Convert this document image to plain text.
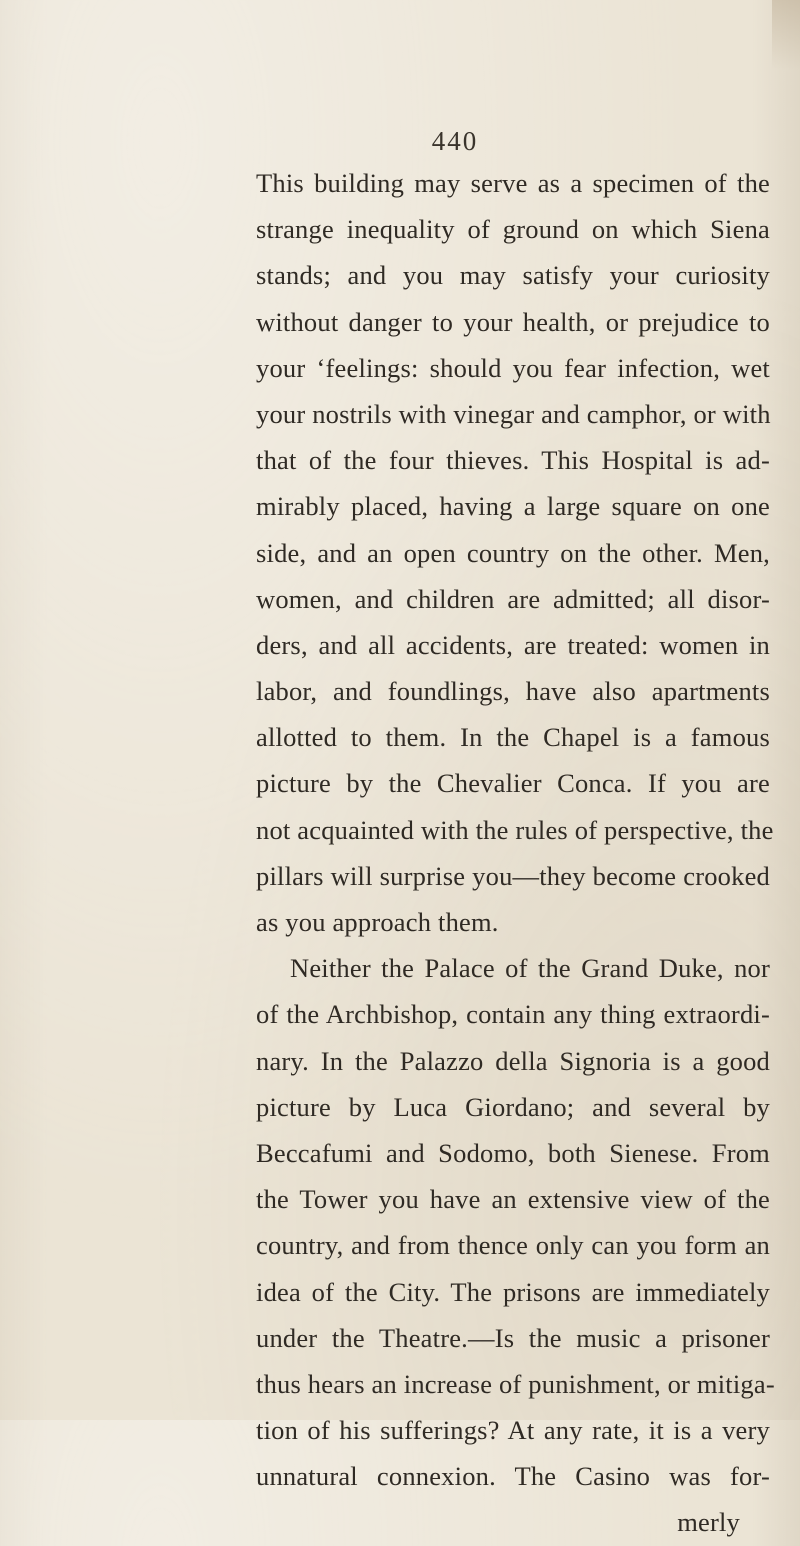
440
This building may serve as a specimen of the
strange inequality of ground on which Siena
stands; and you may satisfy your curiosity
without danger to your health, or prejudice to
your ‘feelings: should you fear infection, wet
your nostrils with vinegar and camphor, or with
that of the four thieves. This Hospital is ad-
mirably placed, having a large square on one
side, and an open country on the other. Men,
women, and children are admitted; all disor-
ders, and all accidents, are treated: women in
labor, and foundlings, have also apartments
allotted to them. In the Chapel is a famous
picture by the Chevalier Conca. If you are
not acquainted with the rules of perspective, the
pillars will surprise you—they become crooked
as you approach them.
Neither the Palace of the Grand Duke, nor
of the Archbishop, contain any thing extraordi-
nary. In the Palazzo della Signoria is a good
picture by Luca Giordano; and several by
Beccafumi and Sodomo, both Sienese. From
the Tower you have an extensive view of the
country, and from thence only can you form an
idea of the City. The prisons are immediately
under the Theatre.—Is the music a prisoner
thus hears an increase of punishment, or mitiga-
tion of his sufferings? At any rate, it is a very
unnatural connexion. The Casino was for-
merly
